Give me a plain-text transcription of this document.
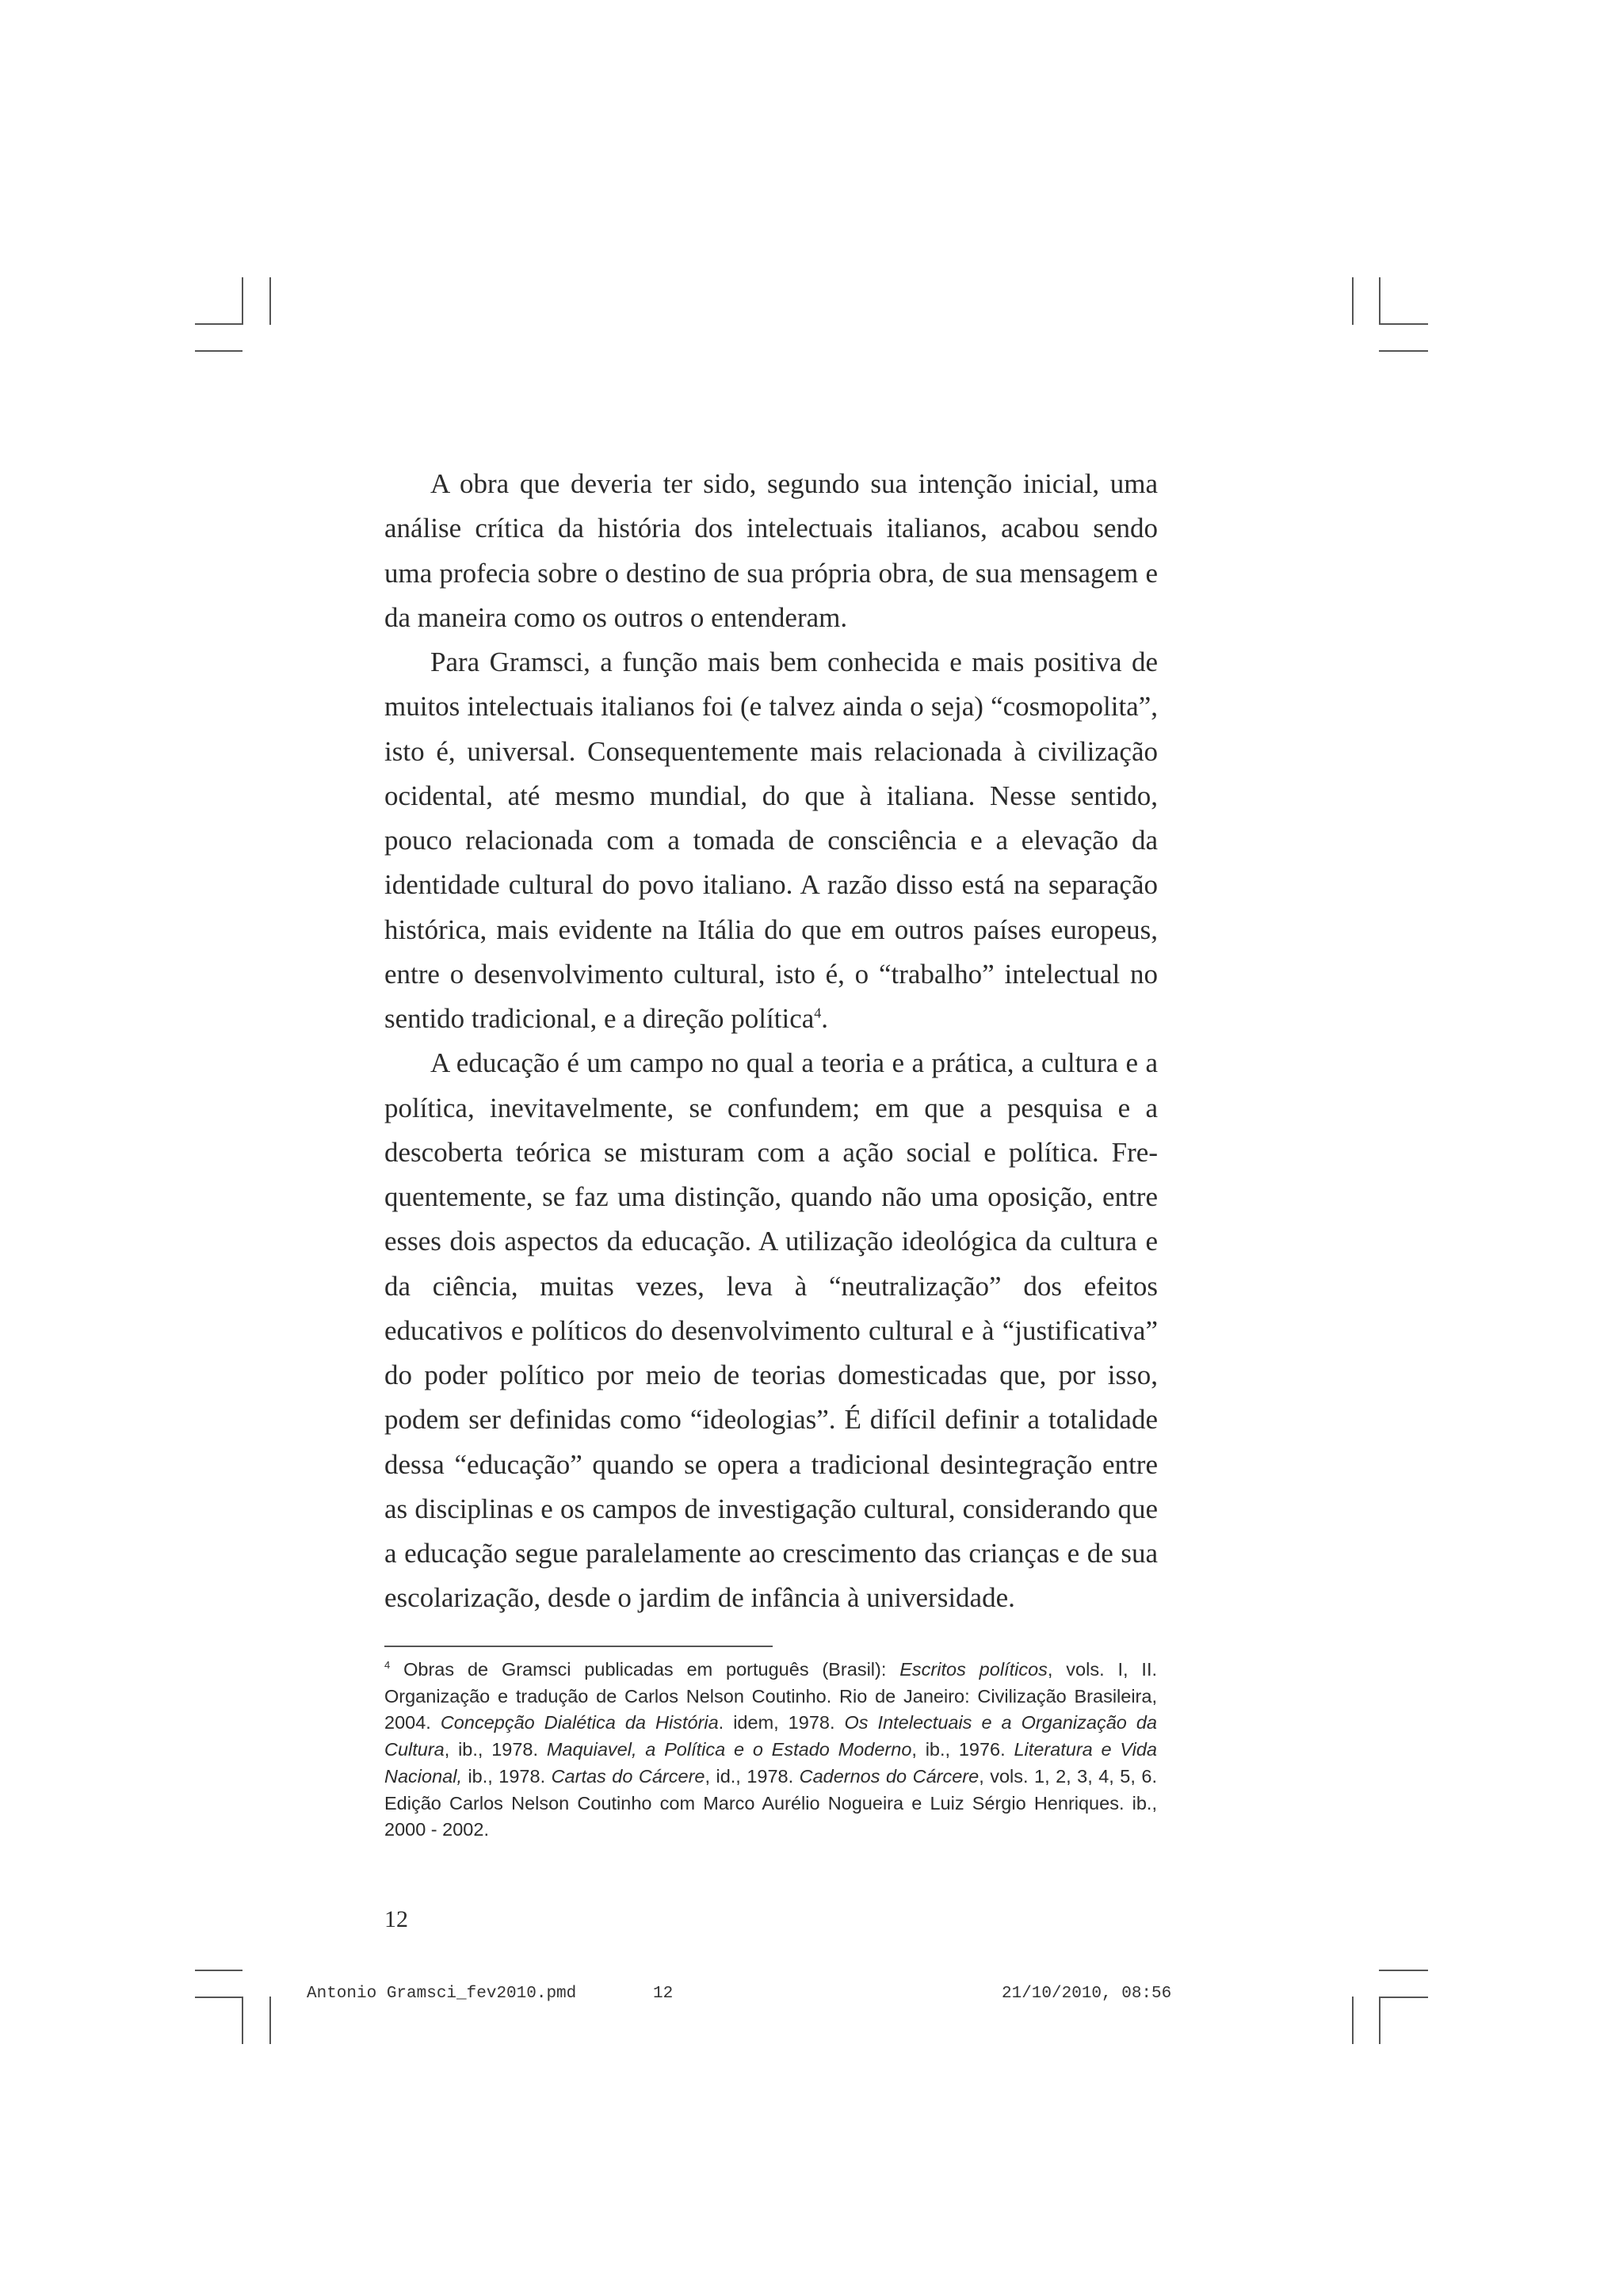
A obra que deveria ter sido, segundo sua intenção inicial, uma análise crítica da história dos intelectuais italianos, acabou sendo uma profecia sobre o destino de sua própria obra, de sua mensagem e da maneira como os outros o entenderam.

Para Gramsci, a função mais bem conhecida e mais positiva de muitos intelectuais italianos foi (e talvez ainda o seja) “cosmopolita”, isto é, universal. Consequentemente mais relacionada à civilização ocidental, até mesmo mundial, do que à italiana. Nesse sentido, pouco relacionada com a tomada de consciência e a elevação da identidade cultural do povo italiano. A razão disso está na separação histórica, mais evidente na Itália do que em outros países europeus, entre o desenvolvimento cultural, isto é, o “trabalho” intelectual no sentido tradicional, e a direção política$^4$.

A educação é um campo no qual a teoria e a prática, a cultura e a política, inevitavelmente, se confundem; em que a pesquisa e a descoberta teórica se misturam com a ação social e política. Frequentemente, se faz uma distinção, quando não uma oposição, entre esses dois aspectos da educação. A utilização ideológica da cultura e da ciência, muitas vezes, leva à “neutralização” dos efeitos educativos e políticos do desenvolvimento cultural e à “justificativa” do poder político por meio de teorias domesticadas que, por isso, podem ser definidas como “ideologias”. É difícil definir a totalidade dessa “educação” quando se opera a tradicional desintegração entre as disciplinas e os campos de investigação cultural, considerando que a educação segue paralelamente ao crescimento das crianças e de sua escolarização, desde o jardim de infância à universidade.

$^4$ Obras de Gramsci publicadas em português (Brasil): Escritos políticos, vols. I, II. Organização e tradução de Carlos Nelson Coutinho. Rio de Janeiro: Civilização Brasileira, 2004. Concepção Dialética da História. idem, 1978. Os Intelectuais e a Organização da Cultura, ib., 1978. Maquiavel, a Política e o Estado Moderno, ib., 1976. Literatura e Vida Nacional, ib., 1978. Cartas do Cárcere, id., 1978. Cadernos do Cárcere, vols. 1, 2, 3, 4, 5, 6. Edição Carlos Nelson Coutinho com Marco Aurélio Nogueira e Luiz Sérgio Henriques. ib., 2000 - 2002.

12
Antonio Gramsci_fev2010.pmd	12	21/10/2010, 08:56
